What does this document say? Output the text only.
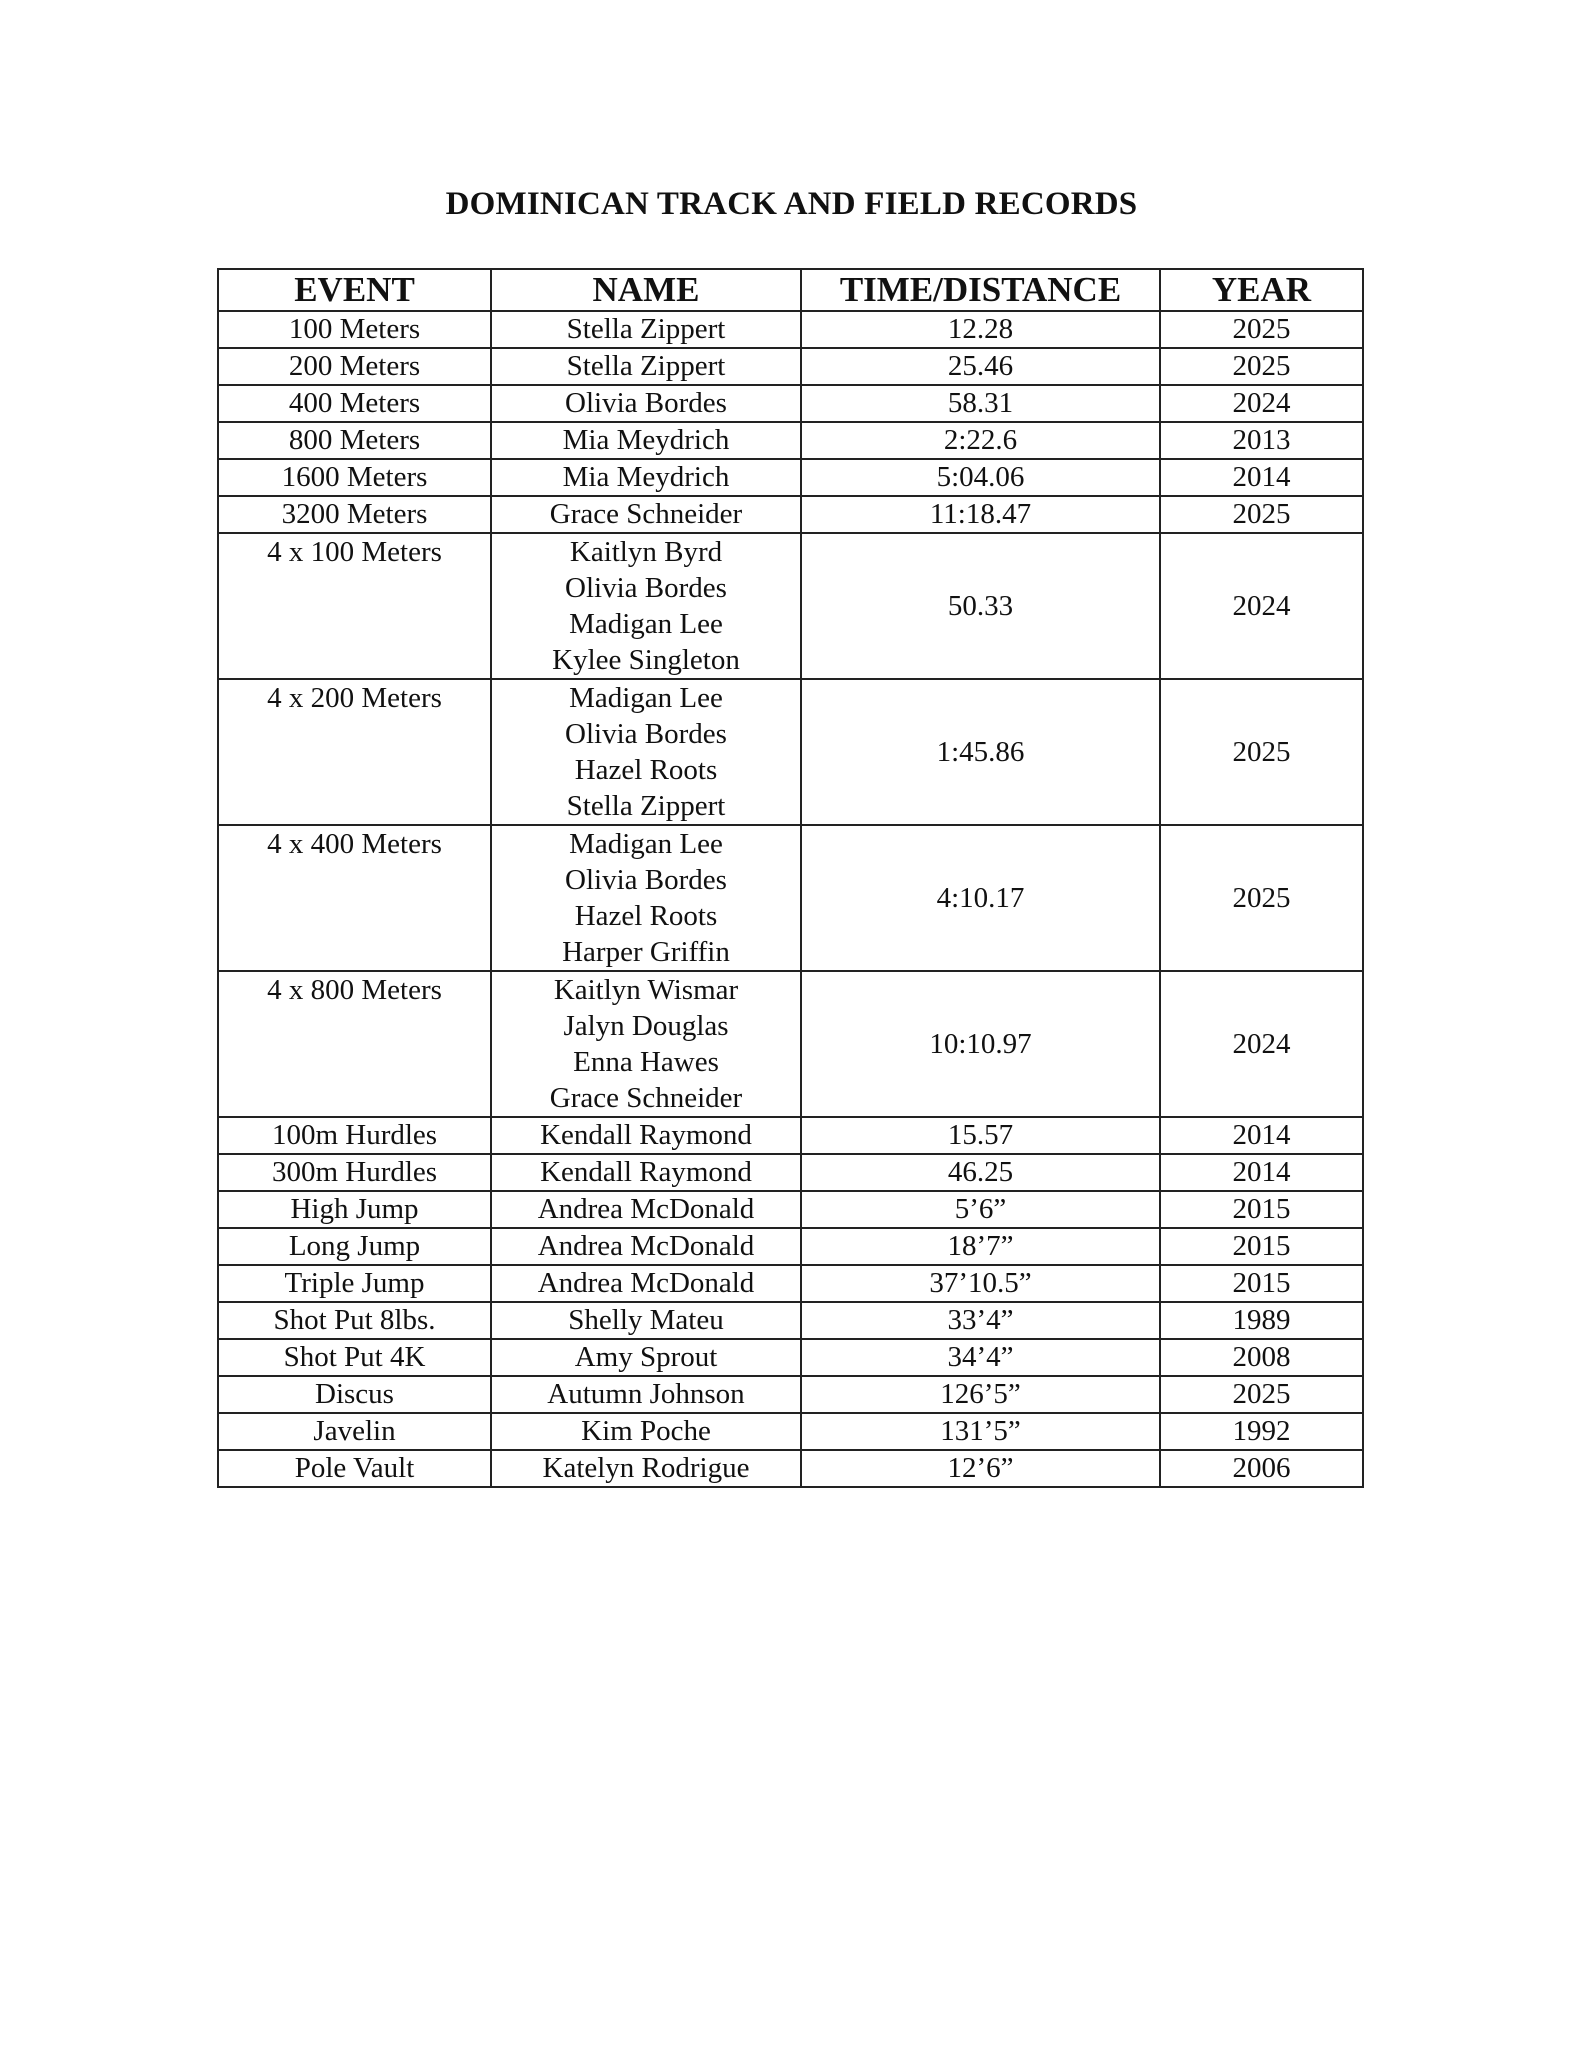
DOMINICAN TRACK AND FIELD RECORDS
EVENT	NAME	TIME/DISTANCE	YEAR
100 Meters	Stella Zippert	12.28	2025
200 Meters	Stella Zippert	25.46	2025
400 Meters	Olivia Bordes	58.31	2024
800 Meters	Mia Meydrich	2:22.6	2013
1600 Meters	Mia Meydrich	5:04.06	2014
3200 Meters	Grace Schneider	11:18.47	2025
4 x 100 Meters	Kaitlyn Byrd
Olivia Bordes
Madigan Lee
Kylee Singleton	50.33	2024
4 x 200 Meters	Madigan Lee
Olivia Bordes
Hazel Roots
Stella Zippert	1:45.86	2025
4 x 400 Meters	Madigan Lee
Olivia Bordes
Hazel Roots
Harper Griffin	4:10.17	2025
4 x 800 Meters	Kaitlyn Wismar
Jalyn Douglas
Enna Hawes
Grace Schneider	10:10.97	2024
100m Hurdles	Kendall Raymond	15.57	2014
300m Hurdles	Kendall Raymond	46.25	2014
High Jump	Andrea McDonald	5’6”	2015
Long Jump	Andrea McDonald	18’7”	2015
Triple Jump	Andrea McDonald	37’10.5”	2015
Shot Put 8lbs.	Shelly Mateu	33’4”	1989
Shot Put 4K	Amy Sprout	34’4”	2008
Discus	Autumn Johnson	126’5”	2025
Javelin	Kim Poche	131’5”	1992
Pole Vault	Katelyn Rodrigue	12’6”	2006
